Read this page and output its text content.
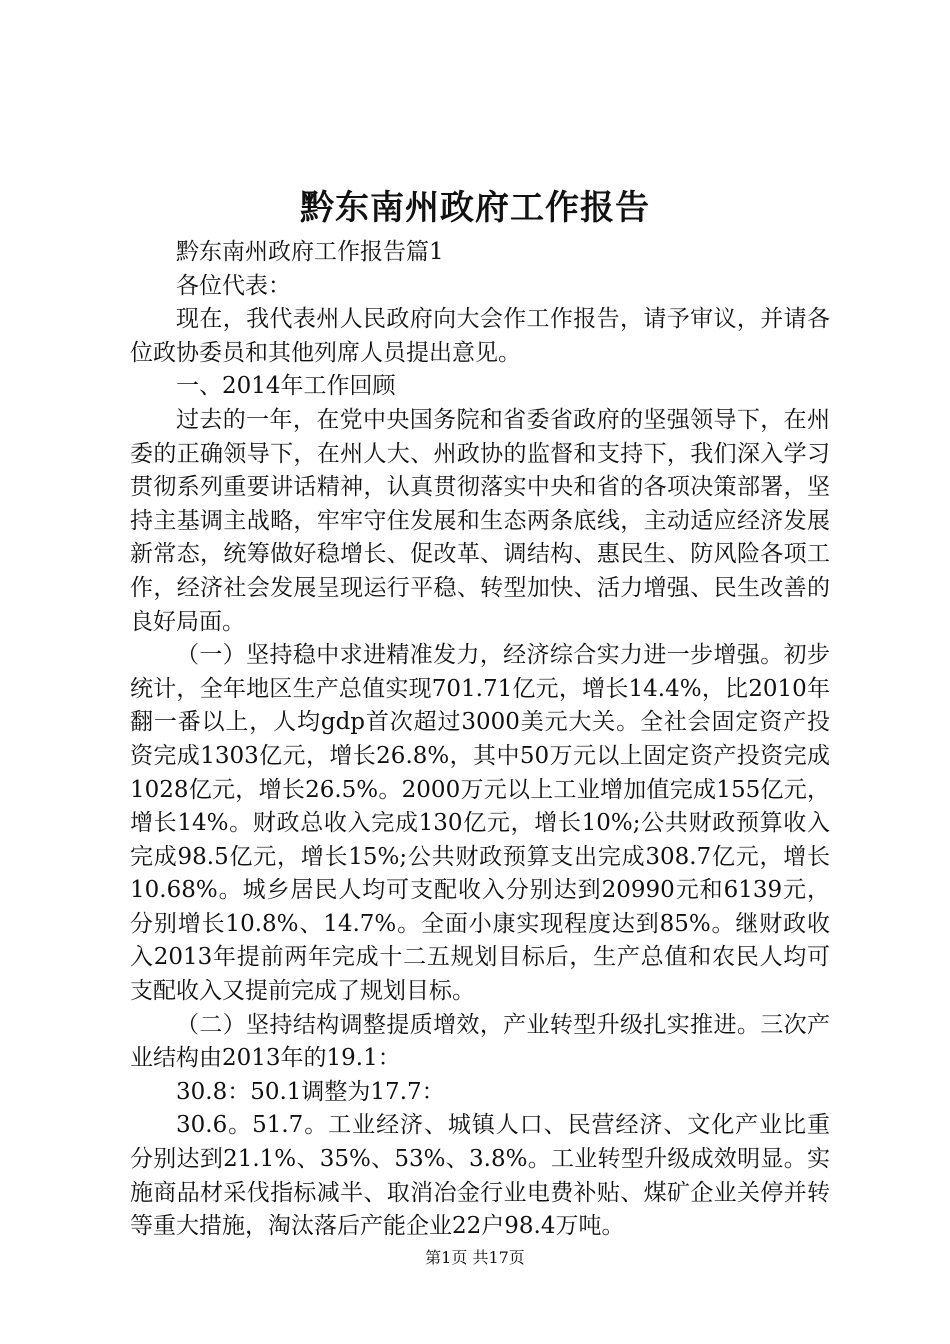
黔东南州政府工作报告

黔东南州政府工作报告篇1

各位代表：

现在，我代表州人民政府向大会作工作报告，请予审议，并请各位政协委员和其他列席人员提出意见。

一、2014年工作回顾

过去的一年，在党中央国务院和省委省政府的坚强领导下，在州委的正确领导下，在州人大、州政协的监督和支持下，我们深入学习贯彻系列重要讲话精神，认真贯彻落实中央和省的各项决策部署，坚持主基调主战略，牢牢守住发展和生态两条底线，主动适应经济发展新常态，统筹做好稳增长、促改革、调结构、惠民生、防风险各项工作，经济社会发展呈现运行平稳、转型加快、活力增强、民生改善的良好局面。

（一）坚持稳中求进精准发力，经济综合实力进一步增强。初步统计，全年地区生产总值实现701.71亿元，增长14.4%，比2010年翻一番以上，人均gdp首次超过3000美元大关。全社会固定资产投资完成1303亿元，增长26.8%，其中50万元以上固定资产投资完成1028亿元，增长26.5%。2000万元以上工业增加值完成155亿元，增长14%。财政总收入完成130亿元，增长10%;公共财政预算收入完成98.5亿元，增长15%;公共财政预算支出完成308.7亿元，增长10.68%。城乡居民人均可支配收入分别达到20990元和6139元，分别增长10.8%、14.7%。全面小康实现程度达到85%。继财政收入2013年提前两年完成十二五规划目标后，生产总值和农民人均可支配收入又提前完成了规划目标。

（二）坚持结构调整提质增效，产业转型升级扎实推进。三次产业结构由2013年的19.1：

30.8：50.1调整为17.7：

30.6。51.7。工业经济、城镇人口、民营经济、文化产业比重分别达到21.1%、35%、53%、3.8%。工业转型升级成效明显。实施商品材采伐指标减半、取消冶金行业电费补贴、煤矿企业关停并转等重大措施，淘汰落后产能企业22户98.4万吨。

第1页 共17页
